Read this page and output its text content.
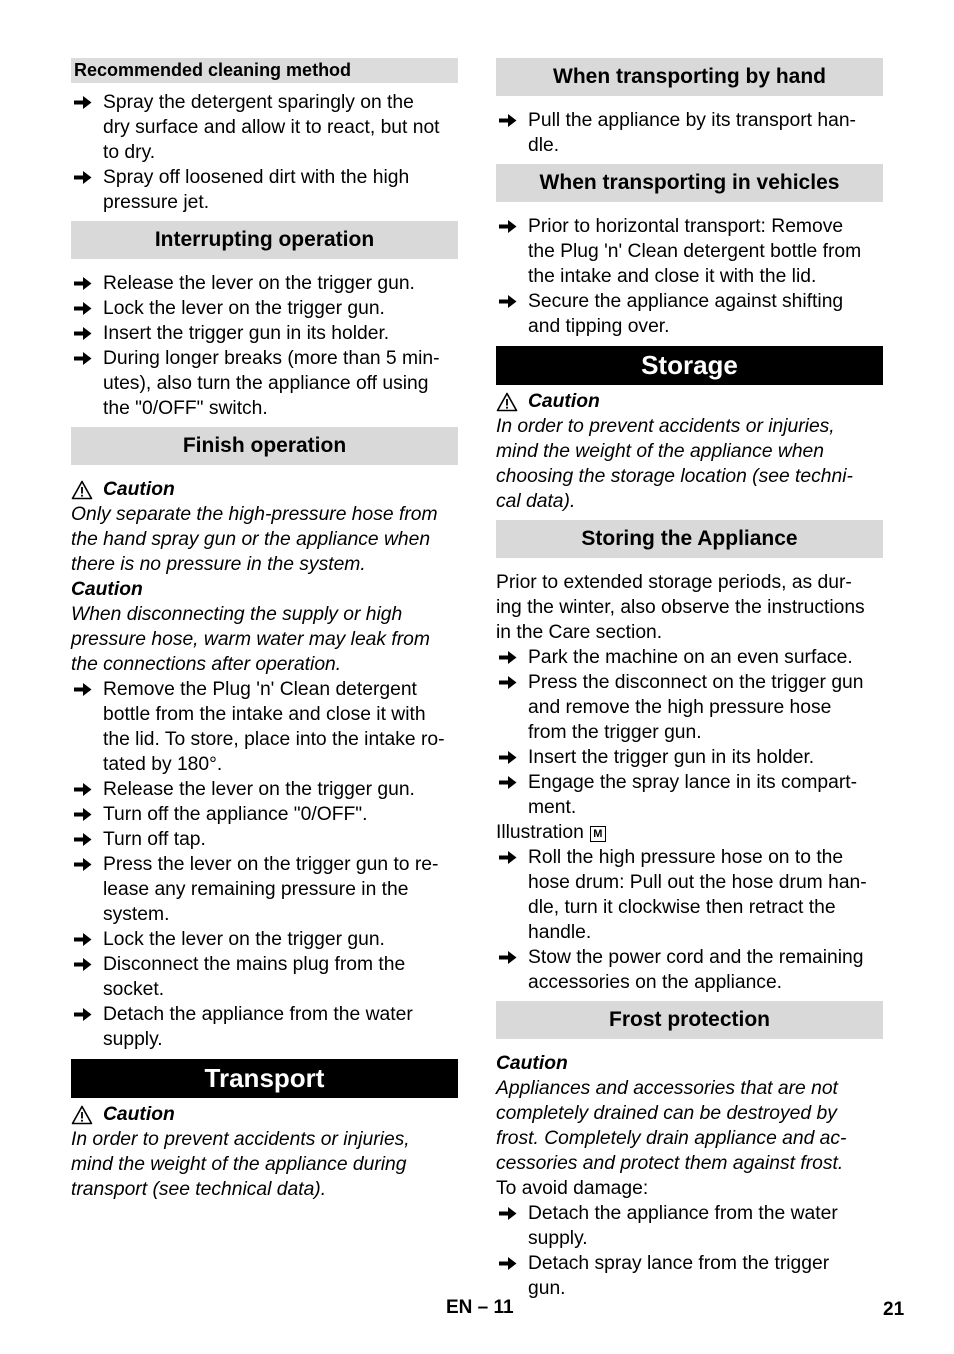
Recommended cleaning method
Spray the detergent sparingly on the
dry surface and allow it to react, but not
to dry.
Spray off loosened dirt with the high
pressure jet.
Interrupting operation
Release the lever on the trigger gun.
Lock the lever on the trigger gun.
Insert the trigger gun in its holder.
During longer breaks (more than 5 min-
utes), also turn the appliance off using
the "0/OFF" switch.
Finish operation
Caution
Only separate the high-pressure hose from
the hand spray gun or the appliance when
there is no pressure in the system.
Caution
When disconnecting the supply or high
pressure hose, warm water may leak from
the connections after operation.
Remove the Plug 'n' Clean detergent
bottle from the intake and close it with
the lid. To store, place into the intake ro-
tated by 180°.
Release the lever on the trigger gun.
Turn off the appliance "0/OFF".
Turn off tap.
Press the lever on the trigger gun to re-
lease any remaining pressure in the
system.
Lock the lever on the trigger gun.
Disconnect the mains plug from the
socket.
Detach the appliance from the water
supply.
Transport
Caution
In order to prevent accidents or injuries,
mind the weight of the appliance during
transport (see technical data).
When transporting by hand
Pull the appliance by its transport han-
dle.
When transporting in vehicles
Prior to horizontal transport: Remove
the Plug 'n' Clean detergent bottle from
the intake and close it with the lid.
Secure the appliance against shifting
and tipping over.
Storage
Caution
In order to prevent accidents or injuries,
mind the weight of the appliance when
choosing the storage location (see techni-
cal data).
Storing the Appliance
Prior to extended storage periods, as dur-
ing the winter, also observe the instructions
in the Care section.
Park the machine on an even surface.
Press the disconnect on the trigger gun
and remove the high pressure hose
from the trigger gun.
Insert the trigger gun in its holder.
Engage the spray lance in its compart-
ment.
Illustration M
Roll the high pressure hose on to the
hose drum: Pull out the hose drum han-
dle, turn it clockwise then retract the
handle.
Stow the power cord and the remaining
accessories on the appliance.
Frost protection
Caution
Appliances and accessories that are not
completely drained can be destroyed by
frost. Completely drain appliance and ac-
cessories and protect them against frost.
To avoid damage:
Detach the appliance from the water
supply.
Detach spray lance from the trigger
gun.
EN – 11	21
